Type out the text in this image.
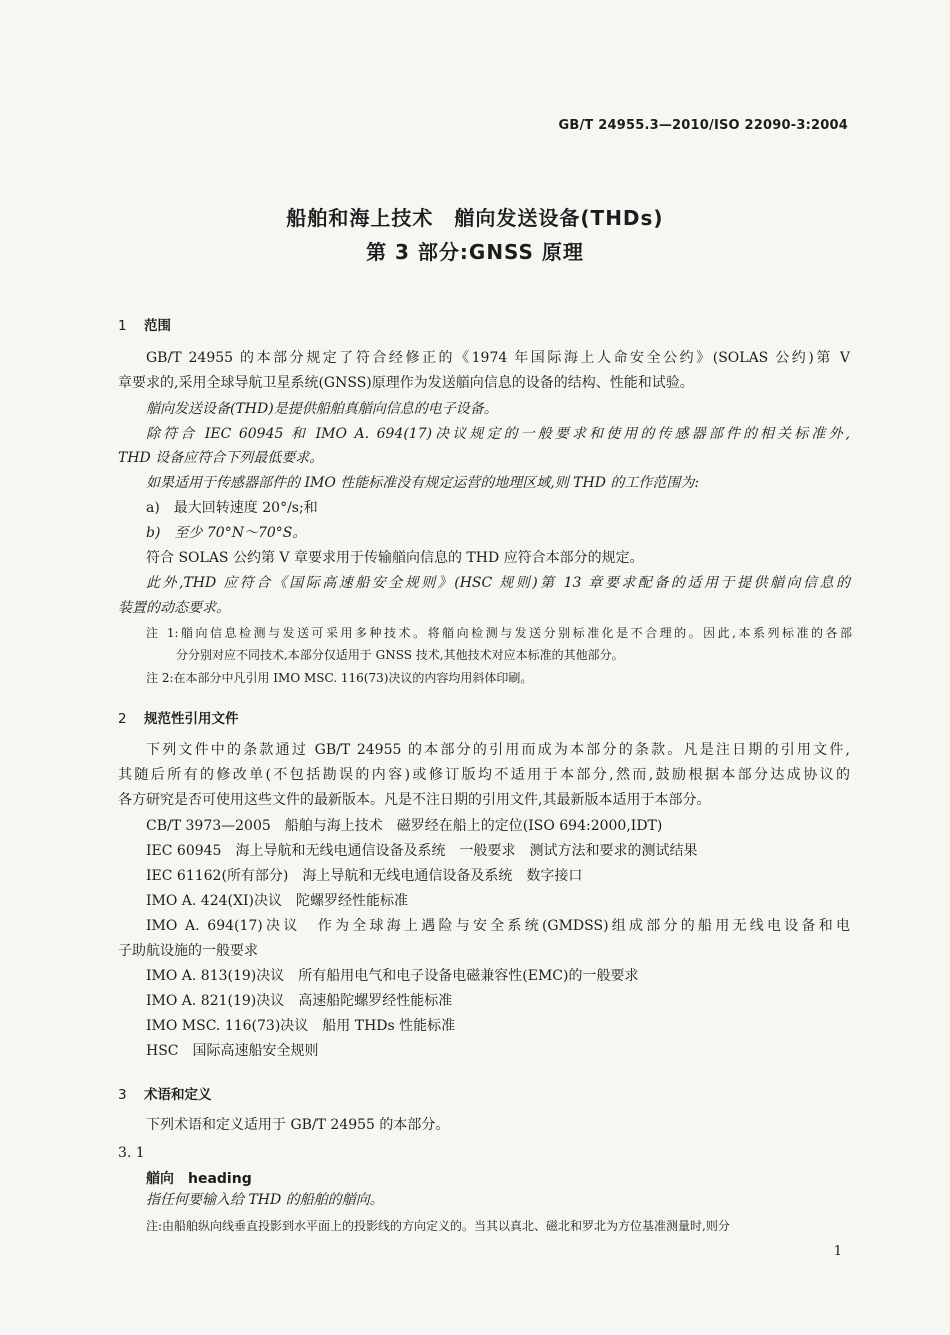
GB/T 24955.3—2010/ISO 22090-3:2004
船舶和海上技术　艏向发送设备(THDs)
第 3 部分:GNSS 原理
1 范围
GB/T 24955 的本部分规定了符合经修正的《1974 年国际海上人命安全公约》(SOLAS 公约)第 V
章要求的,采用全球导航卫星系统(GNSS)原理作为发送艏向信息的设备的结构、性能和试验。
艏向发送设备(THD)是提供船舶真艏向信息的电子设备。
除符合 IEC 60945 和 IMO A. 694(17)决议规定的一般要求和使用的传感器部件的相关标准外,
THD 设备应符合下列最低要求。
如果适用于传感器部件的 IMO 性能标准没有规定运营的地理区域,则 THD 的工作范围为:
a)　最大回转速度 20°/s;和
b)　至少 70°N～70°S。
符合 SOLAS 公约第 V 章要求用于传输艏向信息的 THD 应符合本部分的规定。
此外,THD 应符合《国际高速船安全规则》(HSC 规则)第 13 章要求配备的适用于提供艏向信息的
装置的动态要求。
注 1:艏向信息检测与发送可采用多种技术。将艏向检测与发送分别标准化是不合理的。因此,本系列标准的各部
分分别对应不同技术,本部分仅适用于 GNSS 技术,其他技术对应本标准的其他部分。
注 2:在本部分中凡引用 IMO MSC. 116(73)决议的内容均用斜体印刷。
2 规范性引用文件
下列文件中的条款通过 GB/T 24955 的本部分的引用而成为本部分的条款。凡是注日期的引用文件,
其随后所有的修改单(不包括勘误的内容)或修订版均不适用于本部分,然而,鼓励根据本部分达成协议的
各方研究是否可使用这些文件的最新版本。凡是不注日期的引用文件,其最新版本适用于本部分。
CB/T 3973—2005　船舶与海上技术　磁罗经在船上的定位(ISO 694:2000,IDT)
IEC 60945　海上导航和无线电通信设备及系统　一般要求　测试方法和要求的测试结果
IEC 61162(所有部分)　海上导航和无线电通信设备及系统　数字接口
IMO A. 424(XI)决议　陀螺罗经性能标准
IMO A. 694(17)决议　作为全球海上遇险与安全系统(GMDSS)组成部分的船用无线电设备和电
子助航设施的一般要求
IMO A. 813(19)决议　所有船用电气和电子设备电磁兼容性(EMC)的一般要求
IMO A. 821(19)决议　高速船陀螺罗经性能标准
IMO MSC. 116(73)决议　船用 THDs 性能标准
HSC　国际高速船安全规则
3 术语和定义
下列术语和定义适用于 GB/T 24955 的本部分。
3. 1
艏向　heading
指任何要输入给 THD 的船舶的艏向。
注:由船舶纵向线垂直投影到水平面上的投影线的方向定义的。当其以真北、磁北和罗北为方位基准测量时,则分
1
